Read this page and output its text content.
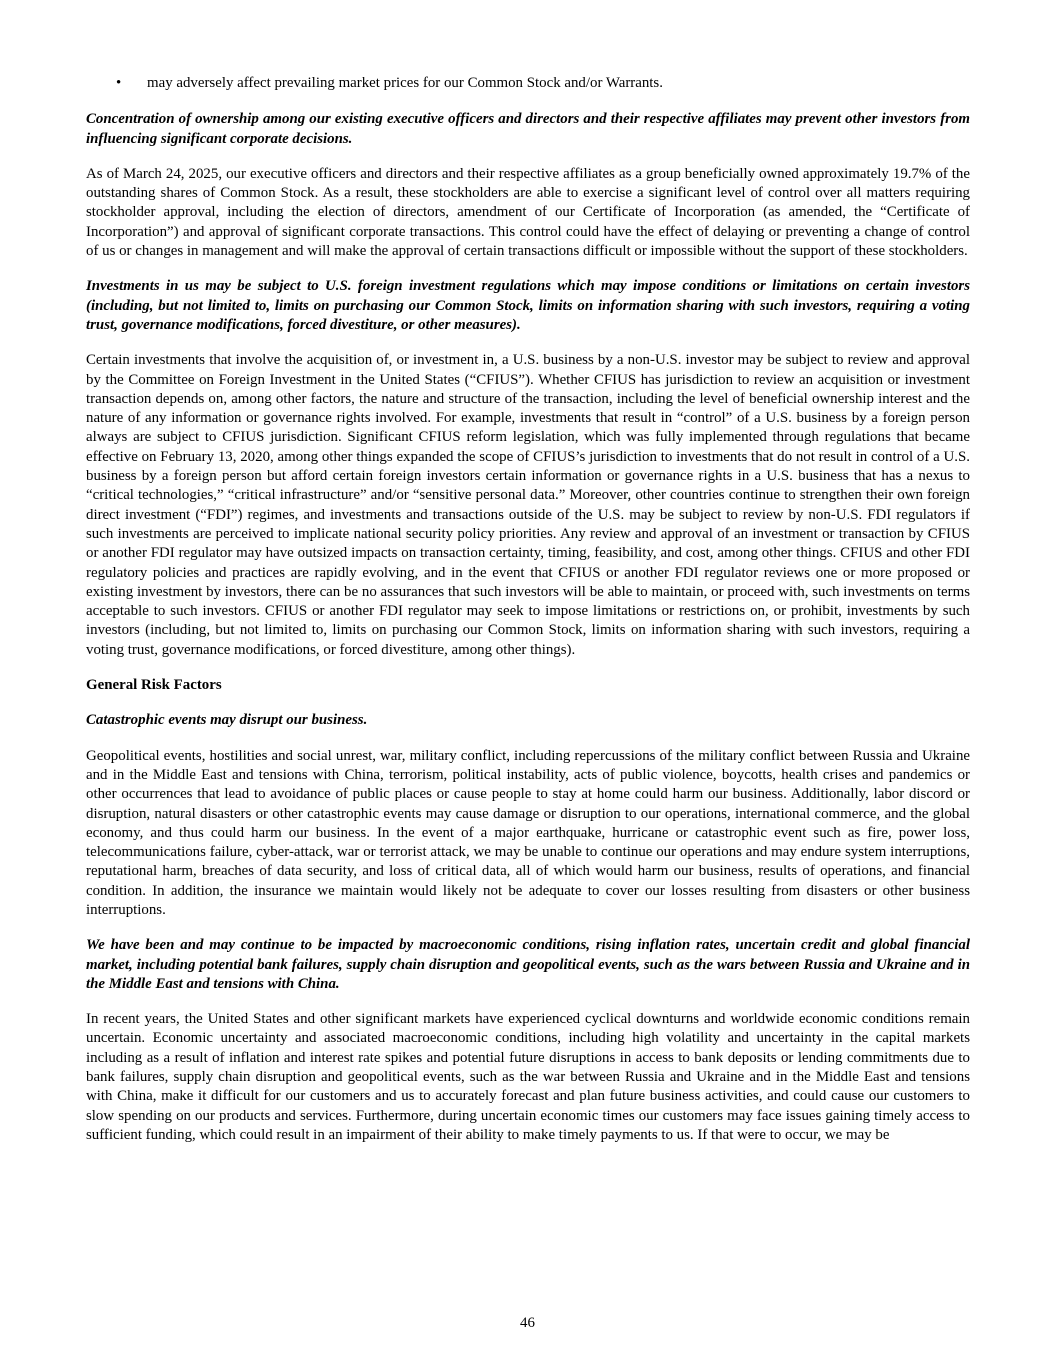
•	may adversely affect prevailing market prices for our Common Stock and/or Warrants.

Concentration of ownership among our existing executive officers and directors and their respective affiliates may prevent other investors from influencing significant corporate decisions.

As of March 24, 2025, our executive officers and directors and their respective affiliates as a group beneficially owned approximately 19.7% of the outstanding shares of Common Stock. As a result, these stockholders are able to exercise a significant level of control over all matters requiring stockholder approval, including the election of directors, amendment of our Certificate of Incorporation (as amended, the “Certificate of Incorporation”) and approval of significant corporate transactions. This control could have the effect of delaying or preventing a change of control of us or changes in management and will make the approval of certain transactions difficult or impossible without the support of these stockholders.

Investments in us may be subject to U.S. foreign investment regulations which may impose conditions or limitations on certain investors (including, but not limited to, limits on purchasing our Common Stock, limits on information sharing with such investors, requiring a voting trust, governance modifications, forced divestiture, or other measures).

Certain investments that involve the acquisition of, or investment in, a U.S. business by a non-U.S. investor may be subject to review and approval by the Committee on Foreign Investment in the United States (“CFIUS”). Whether CFIUS has jurisdiction to review an acquisition or investment transaction depends on, among other factors, the nature and structure of the transaction, including the level of beneficial ownership interest and the nature of any information or governance rights involved. For example, investments that result in “control” of a U.S. business by a foreign person always are subject to CFIUS jurisdiction. Significant CFIUS reform legislation, which was fully implemented through regulations that became effective on February 13, 2020, among other things expanded the scope of CFIUS’s jurisdiction to investments that do not result in control of a U.S. business by a foreign person but afford certain foreign investors certain information or governance rights in a U.S. business that has a nexus to “critical technologies,” “critical infrastructure” and/or “sensitive personal data.” Moreover, other countries continue to strengthen their own foreign direct investment (“FDI”) regimes, and investments and transactions outside of the U.S. may be subject to review by non-U.S. FDI regulators if such investments are perceived to implicate national security policy priorities. Any review and approval of an investment or transaction by CFIUS or another FDI regulator may have outsized impacts on transaction certainty, timing, feasibility, and cost, among other things. CFIUS and other FDI regulatory policies and practices are rapidly evolving, and in the event that CFIUS or another FDI regulator reviews one or more proposed or existing investment by investors, there can be no assurances that such investors will be able to maintain, or proceed with, such investments on terms acceptable to such investors. CFIUS or another FDI regulator may seek to impose limitations or restrictions on, or prohibit, investments by such investors (including, but not limited to, limits on purchasing our Common Stock, limits on information sharing with such investors, requiring a voting trust, governance modifications, or forced divestiture, among other things).

General Risk Factors

Catastrophic events may disrupt our business.

Geopolitical events, hostilities and social unrest, war, military conflict, including repercussions of the military conflict between Russia and Ukraine and in the Middle East and tensions with China, terrorism, political instability, acts of public violence, boycotts, health crises and pandemics or other occurrences that lead to avoidance of public places or cause people to stay at home could harm our business. Additionally, labor discord or disruption, natural disasters or other catastrophic events may cause damage or disruption to our operations, international commerce, and the global economy, and thus could harm our business. In the event of a major earthquake, hurricane or catastrophic event such as fire, power loss, telecommunications failure, cyber-attack, war or terrorist attack, we may be unable to continue our operations and may endure system interruptions, reputational harm, breaches of data security, and loss of critical data, all of which would harm our business, results of operations, and financial condition. In addition, the insurance we maintain would likely not be adequate to cover our losses resulting from disasters or other business interruptions.

We have been and may continue to be impacted by macroeconomic conditions, rising inflation rates, uncertain credit and global financial market, including potential bank failures, supply chain disruption and geopolitical events, such as the wars between Russia and Ukraine and in the Middle East and tensions with China.

In recent years, the United States and other significant markets have experienced cyclical downturns and worldwide economic conditions remain uncertain. Economic uncertainty and associated macroeconomic conditions, including high volatility and uncertainty in the capital markets including as a result of inflation and interest rate spikes and potential future disruptions in access to bank deposits or lending commitments due to bank failures, supply chain disruption and geopolitical events, such as the war between Russia and Ukraine and in the Middle East and tensions with China, make it difficult for our customers and us to accurately forecast and plan future business activities, and could cause our customers to slow spending on our products and services. Furthermore, during uncertain economic times our customers may face issues gaining timely access to sufficient funding, which could result in an impairment of their ability to make timely payments to us. If that were to occur, we may be

46
